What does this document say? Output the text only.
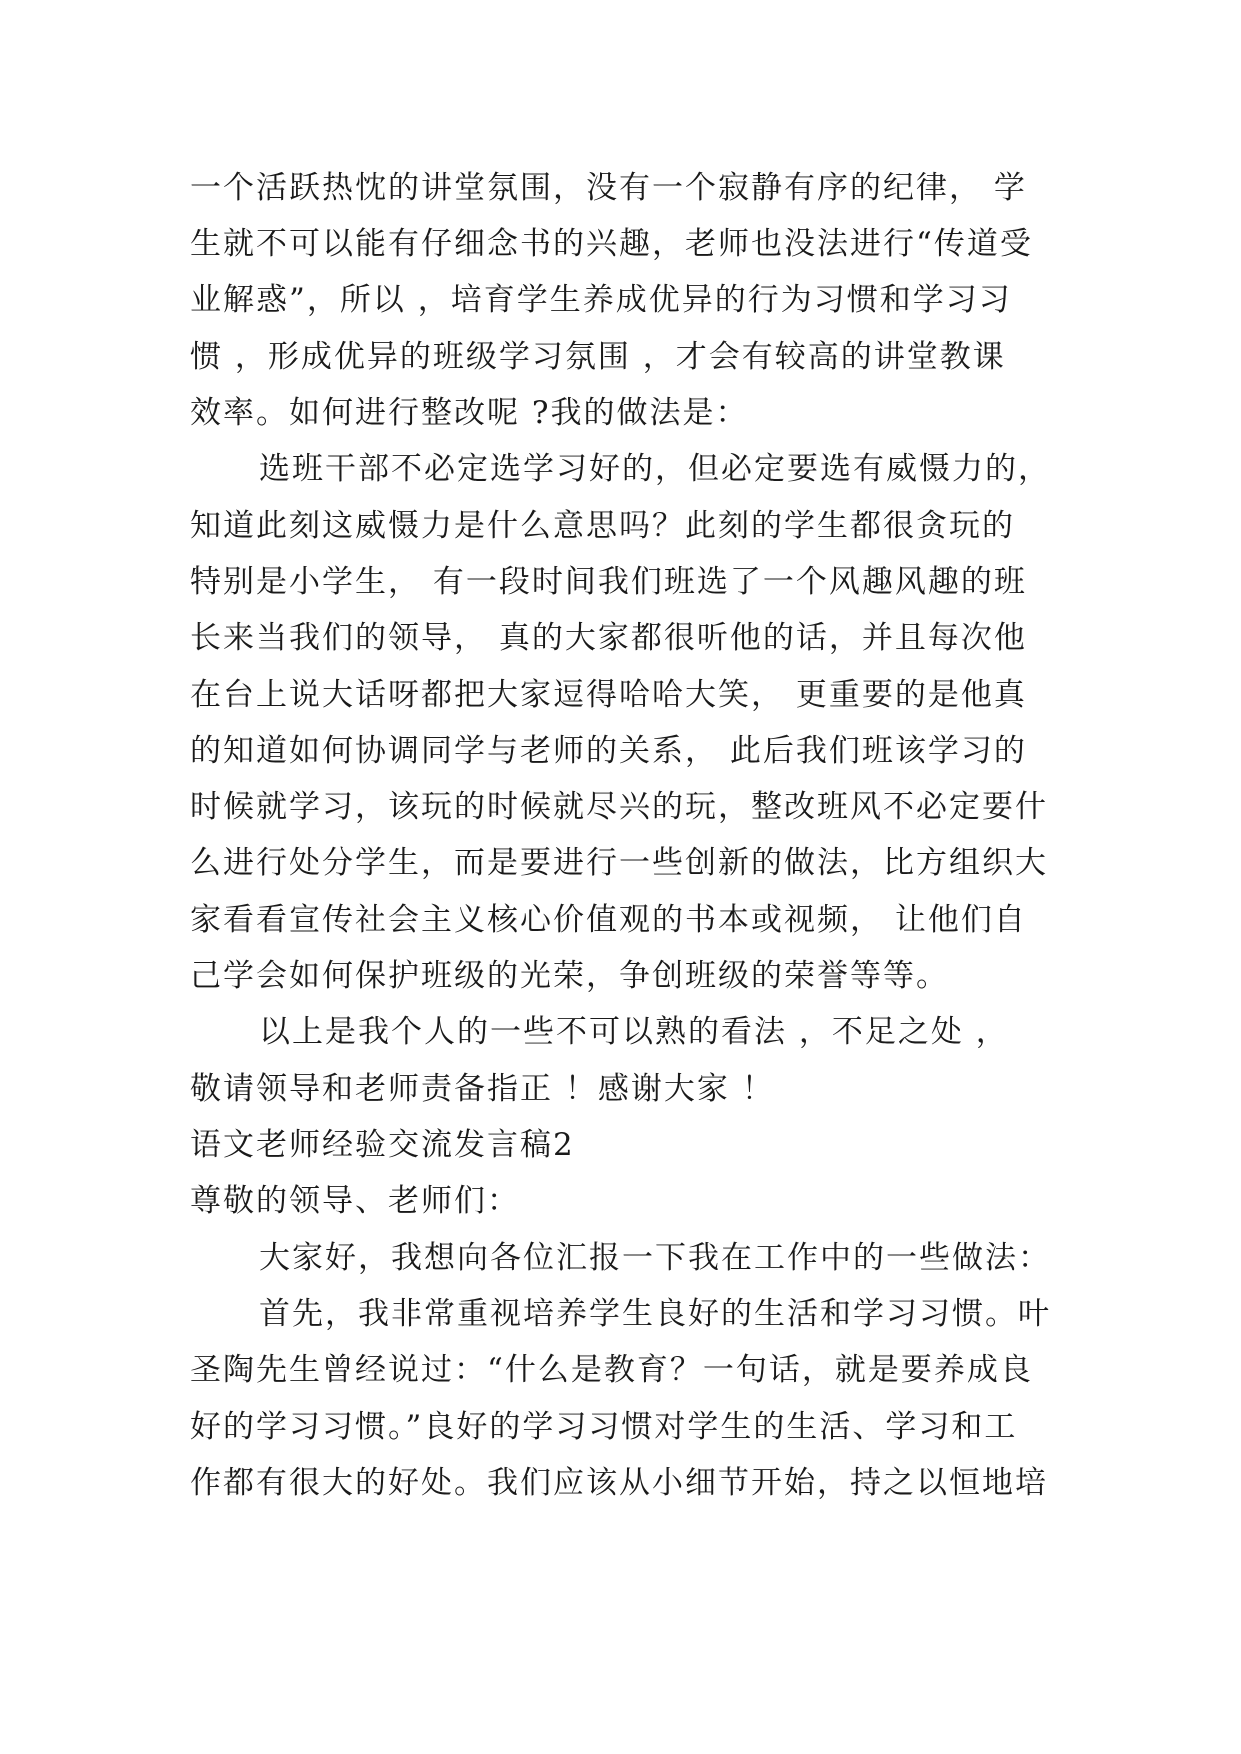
一个活跃热忱的讲堂氛围，没有一个寂静有序的纪律， 学
生就不可以能有仔细念书的兴趣，老师也没法进行“传道受
业解惑”，所以 ，培育学生养成优异的行为习惯和学习习
惯 ，形成优异的班级学习氛围 ，才会有较高的讲堂教课
效率。如何进行整改呢 ?我的做法是：
选班干部不必定选学习好的，但必定要选有威慑力的，
知道此刻这威慑力是什么意思吗？此刻的学生都很贪玩的
特别是小学生， 有一段时间我们班选了一个风趣风趣的班
长来当我们的领导， 真的大家都很听他的话，并且每次他
在台上说大话呀都把大家逗得哈哈大笑， 更重要的是他真
的知道如何协调同学与老师的关系， 此后我们班该学习的
时候就学习，该玩的时候就尽兴的玩，整改班风不必定要什
么进行处分学生，而是要进行一些创新的做法，比方组织大
家看看宣传社会主义核心价值观的书本或视频， 让他们自
己学会如何保护班级的光荣，争创班级的荣誉等等。
以上是我个人的一些不可以熟的看法 ，不足之处 ，
敬请领导和老师责备指正 ！感谢大家 ！
语文老师经验交流发言稿2
尊敬的领导、老师们：
大家好，我想向各位汇报一下我在工作中的一些做法：
首先，我非常重视培养学生良好的生活和学习习惯。叶
圣陶先生曾经说过：“什么是教育？一句话，就是要养成良
好的学习习惯。”良好的学习习惯对学生的生活、学习和工
作都有很大的好处。我们应该从小细节开始，持之以恒地培
